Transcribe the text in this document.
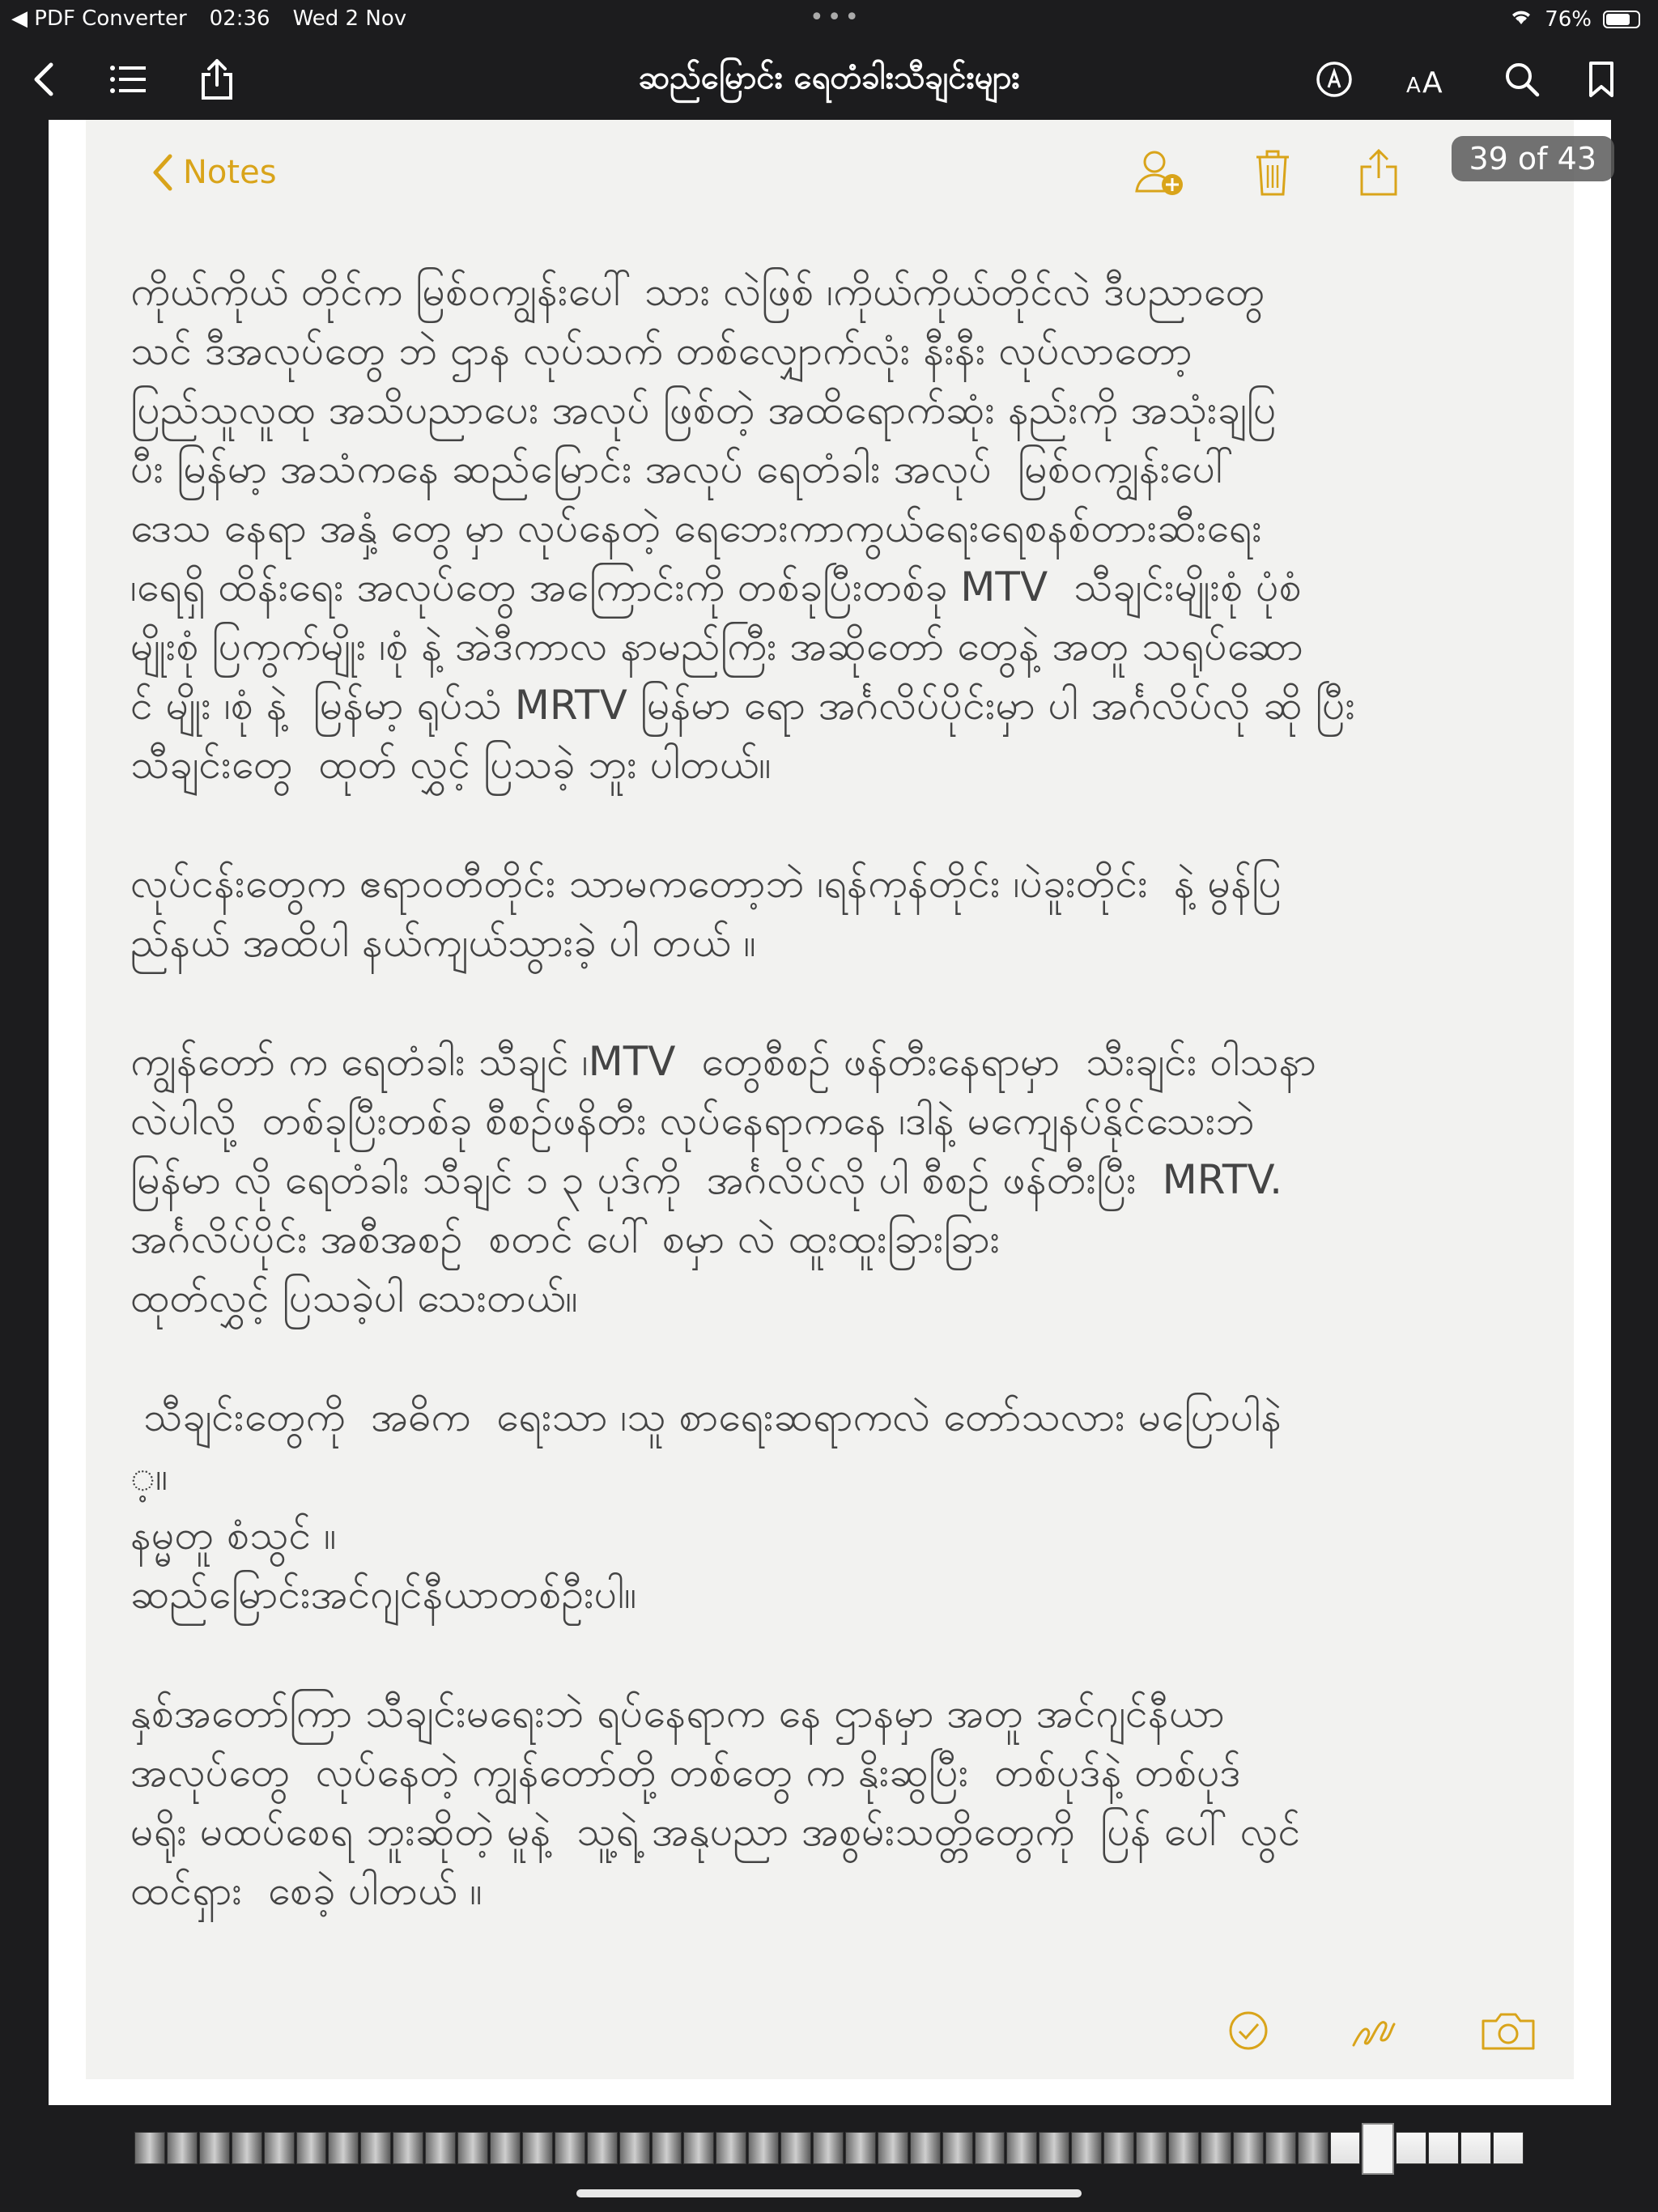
◀ PDF Converter 02:36 Wed 2 Nov	•••	76%
ဆည်မြောင်း ရေတံခါးသီချင်းများ	A A
Notes	39 of 43

ကိုယ်ကိုယ် တိုင်က မြစ်ဝကျွန်းပေါ် သား လဲဖြစ် ၊ကိုယ်ကိုယ်တိုင်လဲ ဒီပညာတွေ
သင် ဒီအလုပ်တွေ ဘဲ ဌာန လုပ်သက် တစ်လျှောက်လုံး နီးနီး လုပ်လာတော့
ပြည်သူလူထု အသိပညာပေး အလုပ် ဖြစ်တဲ့ အထိရောက်ဆုံး နည်းကို အသုံးချပြ
ပီး မြန်မာ့ အသံကနေ ဆည်မြောင်း အလုပ် ရေတံခါး အလုပ်  မြစ်ဝကျွန်းပေါ်
ဒေသ နေရာ အနှံ့ တွေ မှာ လုပ်နေတဲ့ ရေဘေးကာကွယ်ရေးရေစနစ်တားဆီးရေး
၊ရေရှိ ထိန်းရေး အလုပ်တွေ အကြောင်းကို တစ်ခုပြီးတစ်ခု MTV  သီချင်းမျိုးစုံ ပုံစံ
မျိုးစုံ ပြကွက်မျိုး ၊စုံ နဲ့ အဲဒီကာလ နာမည်ကြီး အဆိုတော် တွေနဲ့ အတူ သရုပ်ဆော
င် မျိုး ၊စုံ နဲ့  မြန်မာ့ ရုပ်သံ MRTV မြန်မာ ရော အင်္ဂလိပ်ပိုင်းမှာ ပါ အင်္ဂလိပ်လို ဆို ပြီး
သီချင်းတွေ  ထုတ် လွှင့် ပြသခဲ့ ဘူး ပါတယ်။

လုပ်ငန်းတွေက ဧရာဝတီတိုင်း သာမကတော့ဘဲ ၊ရန်ကုန်တိုင်း ၊ပဲခူးတိုင်း  နဲ့ မွန်ပြ
ည်နယ် အထိပါ နယ်ကျယ်သွားခဲ့ ပါ တယ် ။

ကျွန်တော် က ရေတံခါး သီချင် ၊MTV  တွေစီစဥ် ဖန်တီးနေရာမှာ  သီးချင်း ဝါသနာ
လဲပါလို့  တစ်ခုပြီးတစ်ခု စီစဥ်ဖနိတီး လုပ်နေရာကနေ ၊ဒါနဲ့ မကျေနပ်နိုင်သေးဘဲ
မြန်မာ လို ရေတံခါး သီချင် ၁ ၃ ပုဒ်ကို  အင်္ဂလိပ်လို ပါ စီစဥ် ဖန်တီးပြီး  MRTV.
အင်္ဂလိပ်ပိုင်း အစီအစဥ်  စတင် ပေါ် စမှာ လဲ ထူးထူးခြားခြား
ထုတ်လွှင့် ပြသခဲ့ပါ သေးတယ်။

သီချင်းတွေကို  အဓိက  ရေးသာ ၊သူ စာရေးဆရာကလဲ တော်သလား မပြောပါနဲ
့။
နမ္မတူ စံသွင် ။
ဆည်မြောင်းအင်ဂျင်နီယာတစ်ဦးပါ။

နှစ်အတော်ကြာ သီချင်းမရေးဘဲ ရပ်နေရာက နေ ဌာနမှာ အတူ အင်ဂျင်နီယာ
အလုပ်တွေ  လုပ်နေတဲ့ ကျွန်တော်တို့ တစ်တွေ က နိုးဆွပြီး  တစ်ပုဒ်နဲ့ တစ်ပုဒ်
မရိုး မထပ်စေရ ဘူးဆိုတဲ့ မူနဲ့  သူ့ရဲ့ အနုပညာ အစွမ်းသတ္တိတွေကို  ပြန် ပေါ် လွင်
ထင်ရှား  စေခဲ့ ပါတယ် ။
